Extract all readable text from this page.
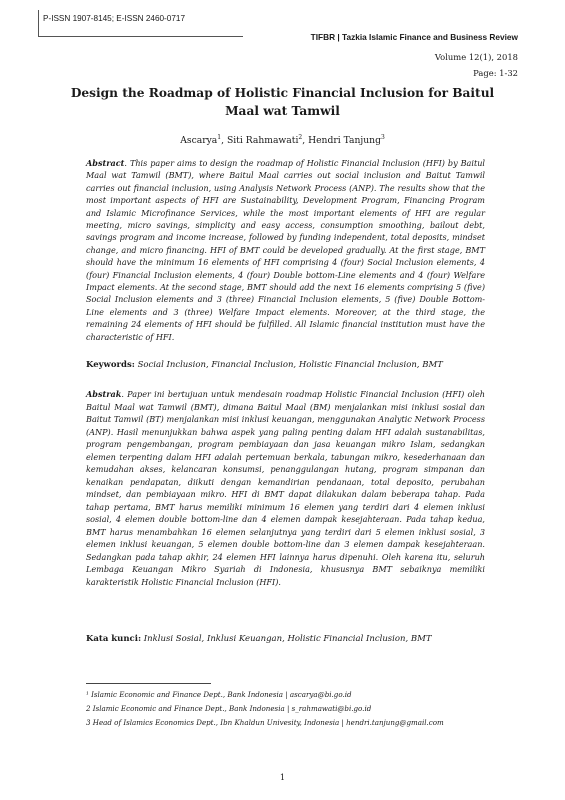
P-ISSN 1907-8145; E-ISSN 2460-0717
TIFBR | Tazkia Islamic Finance and Business Review
Volume 12(1), 2018
Page: 1-32
Design the Roadmap of Holistic Financial Inclusion for Baitul Maal wat Tamwil
Ascarya$^1$, Siti Rahmawati$^2$, Hendri Tanjung$^3$

Abstract. This paper aims to design the roadmap of Holistic Financial Inclusion (HFI) by Baitul Maal wat Tamwil (BMT), where Baitul Maal carries out social inclusion and Baitut Tamwil carries out financial inclusion, using Analysis Network Process (ANP). The results show that the most important aspects of HFI are Sustainability, Development Program, Financing Program and Islamic Microfinance Services, while the most important elements of HFI are regular meeting, micro savings, simplicity and easy access, consumption smoothing, bailout debt, savings program and income increase, followed by funding independent, total deposits, mindset change, and micro financing. HFI of BMT could be developed gradually. At the first stage, BMT should have the minimum 16 elements of HFI comprising 4 (four) Social Inclusion elements, 4 (four) Financial Inclusion elements, 4 (four) Double bottom-Line elements and 4 (four) Welfare Impact elements. At the second stage, BMT should add the next 16 elements comprising 5 (five) Social Inclusion elements and 3 (three) Financial Inclusion elements, 5 (five) Double Bottom-Line elements and 3 (three) Welfare Impact elements. Moreover, at the third stage, the remaining 24 elements of HFI should be fulfilled. All Islamic financial institution must have the characteristic of HFI.

Keywords: Social Inclusion, Financial Inclusion, Holistic Financial Inclusion, BMT

Abstrak. Paper ini bertujuan untuk mendesain roadmap Holistic Financial Inclusion (HFI) oleh Baitul Maal wat Tamwil (BMT), dimana Baitul Maal (BM) menjalankan misi inklusi sosial dan Baitut Tamwil (BT) menjalankan misi inklusi keuangan, menggunakan Analytic Network Process (ANP). Hasil menunjukkan bahwa aspek yang paling penting dalam HFI adalah sustanabilitas, program pengembangan, program pembiayaan dan jasa keuangan mikro Islam, sedangkan elemen terpenting dalam HFI adalah pertemuan berkala, tabungan mikro, kesederhanaan dan kemudahan akses, kelancaran konsumsi, penanggulangan hutang, program simpanan dan kenaikan pendapatan, diikuti dengan kemandirian pendanaan, total deposito, perubahan mindset, dan pembiayaan mikro. HFI di BMT dapat dilakukan dalam beberapa tahap. Pada tahap pertama, BMT harus memiliki minimum 16 elemen yang terdiri dari 4 elemen inklusi sosial, 4 elemen double bottom-line dan 4 elemen dampak kesejahteraan. Pada tahap kedua, BMT harus menambahkan 16 elemen selanjutnya yang terdiri dari 5 elemen inklusi sosial, 3 elemen inklusi keuangan, 5 elemen double bottom-line dan 3 elemen dampak kesejahteraan. Sedangkan pada tahap akhir, 24 elemen HFI lainnya harus dipenuhi. Oleh karena itu, seluruh Lembaga Keuangan Mikro Syariah di Indonesia, khususnya BMT sebaiknya memiliki karakteristik Holistic Financial Inclusion (HFI).

Kata kunci: Inklusi Sosial, Inklusi Keuangan, Holistic Financial Inclusion, BMT

¹ Islamic Economic and Finance Dept., Bank Indonesia | ascarya@bi.go.id
2 Islamic Economic and Finance Dept., Bank Indonesia | s_rahmawati@bi.go.id
3 Head of Islamics Economics Dept., Ibn Khaldun Univesity, Indonesia | hendri.tanjung@gmail.com
1
